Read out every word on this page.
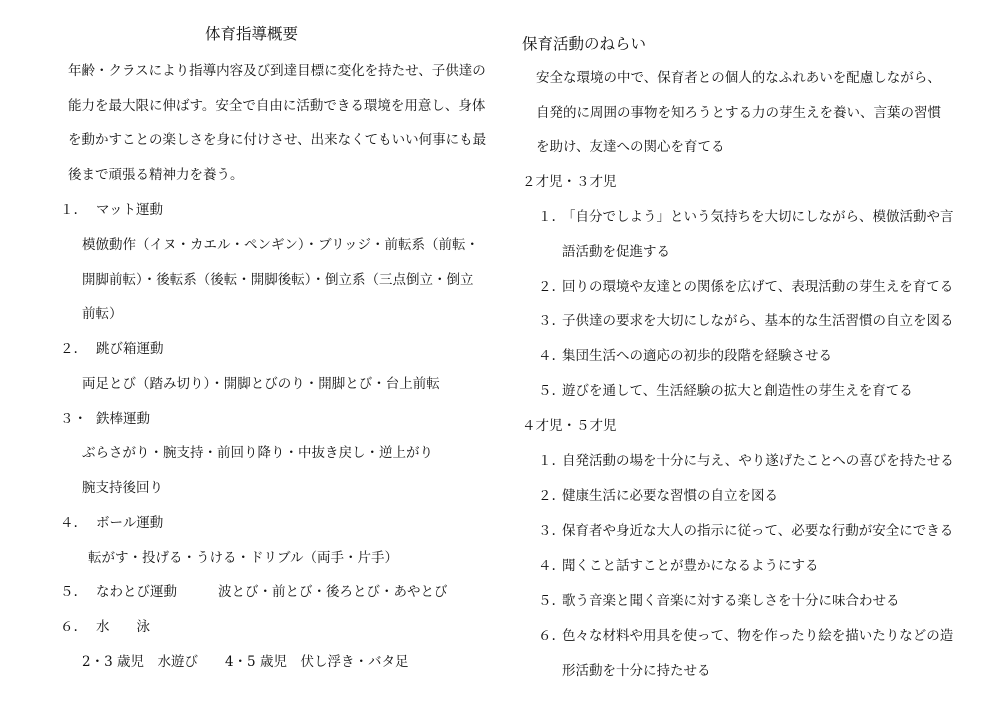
体育指導概要
年齢・クラスにより指導内容及び到達目標に変化を持たせ、子供達の
能力を最大限に伸ばす。安全で自由に活動できる環境を用意し、身体
を動かすことの楽しさを身に付けさせ、出来なくてもいい何事にも最
後まで頑張る精神力を養う。
１. マット運動
模倣動作（イヌ・カエル・ペンギン）・ブリッジ・前転系（前転・
開脚前転）・後転系（後転・開脚後転）・倒立系（三点倒立・倒立
前転）
２. 跳び箱運動
両足とび（踏み切り）・開脚とびのり・開脚とび・台上前転
３・ 鉄棒運動
ぶらさがり・腕支持・前回り降り・中抜き戻し・逆上がり
腕支持後回り
４. ボール運動
転がす・投げる・うける・ドリブル（両手・片手）
５. なわとび運動	波とび・前とび・後ろとび・あやとび
６. 水　　泳
2・3 歳児　水遊び　　4・5 歳児　伏し浮き・バタ足
保育活動のねらい
安全な環境の中で、保育者との個人的なふれあいを配慮しながら、
自発的に周囲の事物を知ろうとする力の芽生えを養い、言葉の習慣
を助け、友達への関心を育てる
２才児・３才児
１. 「自分でしよう」という気持ちを大切にしながら、模倣活動や言
語活動を促進する
２. 回りの環境や友達との関係を広げて、表現活動の芽生えを育てる
３. 子供達の要求を大切にしながら、基本的な生活習慣の自立を図る
４. 集団生活への適応の初歩的段階を経験させる
５. 遊びを通して、生活経験の拡大と創造性の芽生えを育てる
４才児・５才児
１. 自発活動の場を十分に与え、やり遂げたことへの喜びを持たせる
２. 健康生活に必要な習慣の自立を図る
３. 保育者や身近な大人の指示に従って、必要な行動が安全にできる
４. 聞くこと話すことが豊かになるようにする
５. 歌う音楽と聞く音楽に対する楽しさを十分に味合わせる
６. 色々な材料や用具を使って、物を作ったり絵を描いたりなどの造
形活動を十分に持たせる
